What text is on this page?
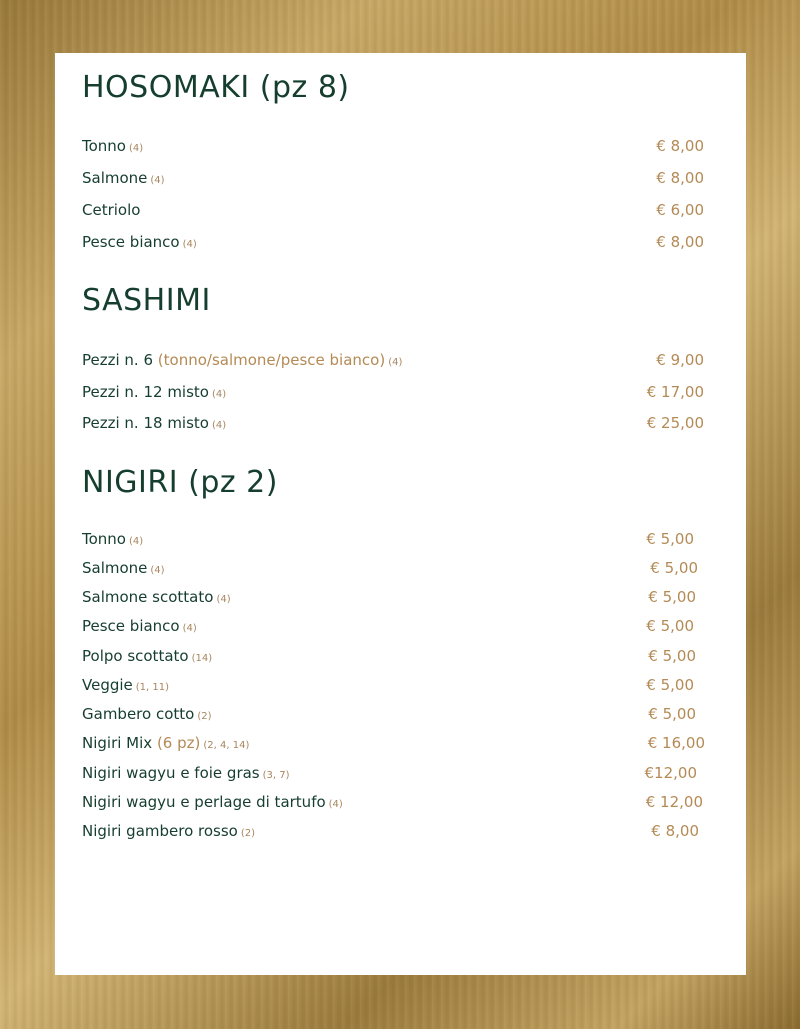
HOSOMAKI (pz 8)
Tonno (4)	€ 8,00
Salmone (4)	€ 8,00
Cetriolo	€ 6,00
Pesce bianco (4)	€ 8,00
SASHIMI
Pezzi n. 6 (tonno/salmone/pesce bianco) (4)	€ 9,00
Pezzi n. 12 misto (4)	€ 17,00
Pezzi n. 18 misto (4)	€ 25,00
NIGIRI (pz 2)
Tonno (4)	€ 5,00
Salmone (4)	€ 5,00
Salmone scottato (4)	€ 5,00
Pesce bianco (4)	€ 5,00
Polpo scottato (14)	€ 5,00
Veggie (1, 11)	€ 5,00
Gambero cotto (2)	€ 5,00
Nigiri Mix (6 pz) (2, 4, 14)	€ 16,00
Nigiri wagyu e foie gras (3, 7)	€12,00
Nigiri wagyu e perlage di tartufo (4)	€ 12,00
Nigiri gambero rosso (2)	€ 8,00
